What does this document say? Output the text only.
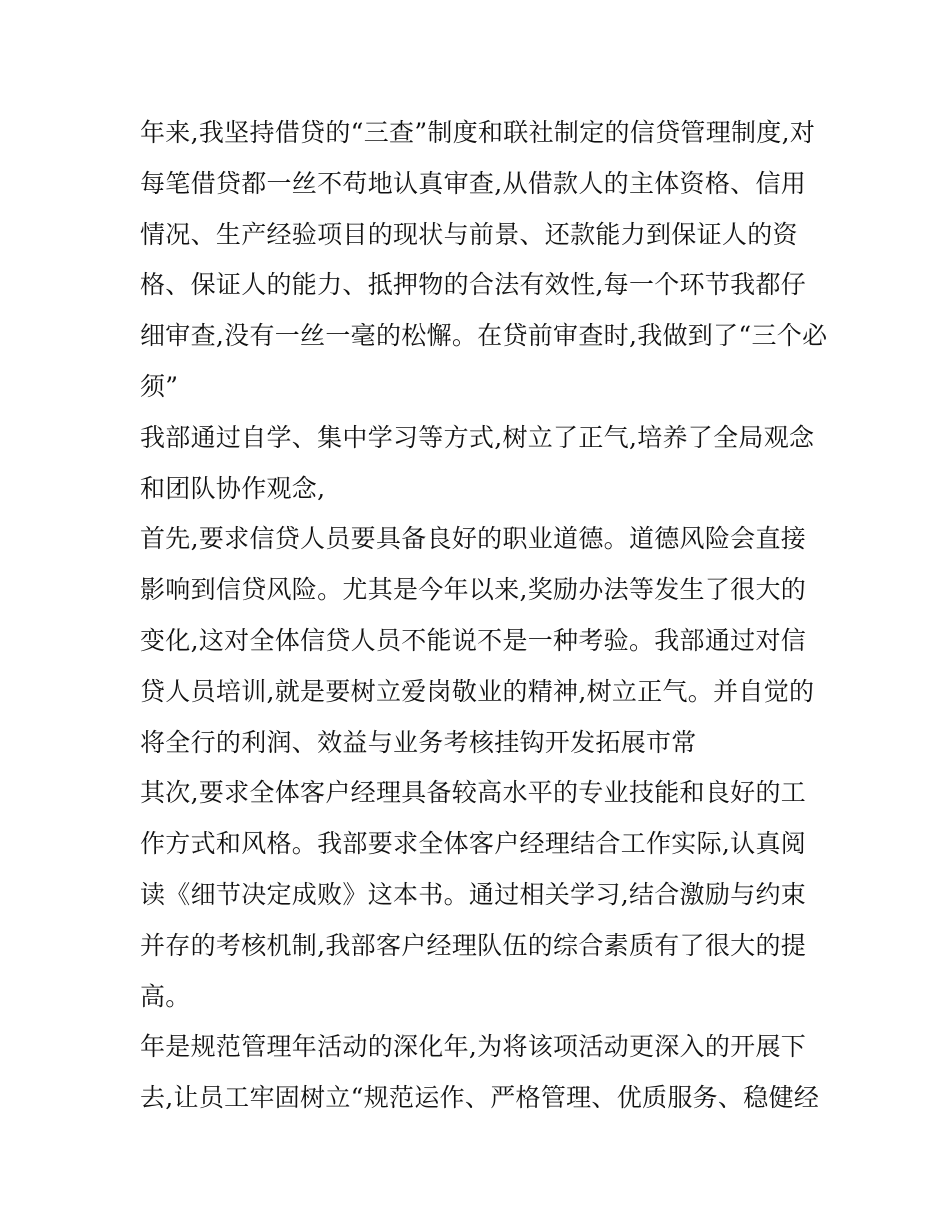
年来,我坚持借贷的“三查”制度和联社制定的信贷管理制度,对
每笔借贷都一丝不苟地认真审查,从借款人的主体资格、信用
情况、生产经验项目的现状与前景、还款能力到保证人的资
格、保证人的能力、抵押物的合法有效性,每一个环节我都仔
细审查,没有一丝一毫的松懈。在贷前审查时,我做到了“三个必
须”
我部通过自学、集中学习等方式,树立了正气,培养了全局观念
和团队协作观念,
首先,要求信贷人员要具备良好的职业道德。道德风险会直接
影响到信贷风险。尤其是今年以来,奖励办法等发生了很大的
变化,这对全体信贷人员不能说不是一种考验。我部通过对信
贷人员培训,就是要树立爱岗敬业的精神,树立正气。并自觉的
将全行的利润、效益与业务考核挂钩开发拓展市常
其次,要求全体客户经理具备较高水平的专业技能和良好的工
作方式和风格。我部要求全体客户经理结合工作实际,认真阅
读《细节决定成败》这本书。通过相关学习,结合激励与约束
并存的考核机制,我部客户经理队伍的综合素质有了很大的提
高。
年是规范管理年活动的深化年,为将该项活动更深入的开展下
去,让员工牢固树立“规范运作、严格管理、优质服务、稳健经
